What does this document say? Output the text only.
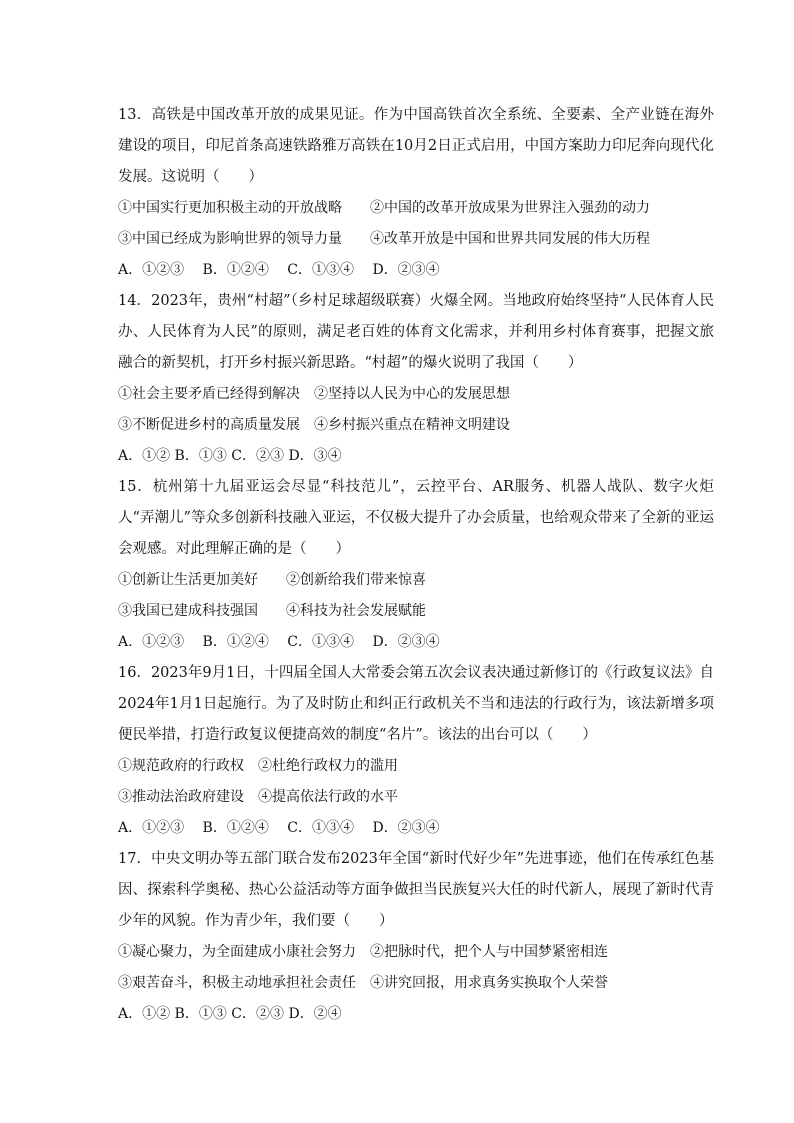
13．高铁是中国改革开放的成果见证。作为中国高铁首次全系统、全要素、全产业链在海外建设的项目，印尼首条高速铁路雅万高铁在10月2日正式启用，中国方案助力印尼奔向现代化发展。这说明（　　）

①中国实行更加积极主动的开放战略　　②中国的改革开放成果为世界注入强劲的动力

③中国已经成为影响世界的领导力量　　④改革开放是中国和世界共同发展的伟大历程

A．①②③　 B．①②④　 C．①③④　 D．②③④

14．2023年，贵州“村超”（乡村足球超级联赛）火爆全网。当地政府始终坚持“人民体育人民办、人民体育为人民”的原则，满足老百姓的体育文化需求，并利用乡村体育赛事，把握文旅融合的新契机，打开乡村振兴新思路。“村超”的爆火说明了我国（　　）

①社会主要矛盾已经得到解决　②坚持以人民为中心的发展思想

③不断促进乡村的高质量发展　④乡村振兴重点在精神文明建设

A．①② B．①③ C．②③ D．③④

15．杭州第十九届亚运会尽显“科技范儿”，云控平台、AR服务、机器人战队、数字火炬人“弄潮儿”等众多创新科技融入亚运，不仅极大提升了办会质量，也给观众带来了全新的亚运会观感。对此理解正确的是（　　）

①创新让生活更加美好　　②创新给我们带来惊喜

③我国已建成科技强国　　④科技为社会发展赋能

A．①②③　 B．①②④　 C．①③④　 D．②③④

16．2023年9月1日，十四届全国人大常委会第五次会议表决通过新修订的《行政复议法》自2024年1月1日起施行。为了及时防止和纠正行政机关不当和违法的行政行为，该法新增多项便民举措，打造行政复议便捷高效的制度“名片”。该法的出台可以（　　）

①规范政府的行政权　②杜绝行政权力的滥用

③推动法治政府建设　④提高依法行政的水平

A．①②③　 B．①②④　 C．①③④　 D．②③④

17．中央文明办等五部门联合发布2023年全国“新时代好少年”先进事迹，他们在传承红色基因、探索科学奥秘、热心公益活动等方面争做担当民族复兴大任的时代新人，展现了新时代青少年的风貌。作为青少年，我们要（　　）

①凝心聚力，为全面建成小康社会努力　②把脉时代，把个人与中国梦紧密相连

③艰苦奋斗，积极主动地承担社会责任　④讲究回报，用求真务实换取个人荣誉

A．①② B．①③ C．②③ D．②④
